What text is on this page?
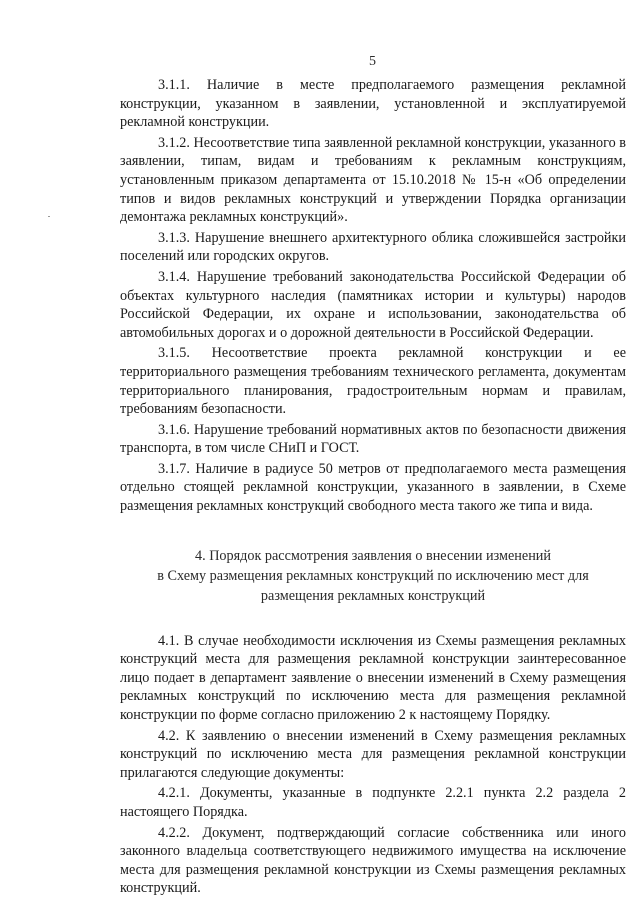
5

3.1.1. Наличие в месте предполагаемого размещения рекламной конструкции, указанном в заявлении, установленной и эксплуатируемой рекламной конструкции.

3.1.2. Несоответствие типа заявленной рекламной конструкции, указанного в заявлении, типам, видам и требованиям к рекламным конструкциям, установленным приказом департамента от 15.10.2018 № 15-н «Об определении типов и видов рекламных конструкций и утверждении Порядка организации демонтажа рекламных конструкций».

3.1.3. Нарушение внешнего архитектурного облика сложившейся застройки поселений или городских округов.

3.1.4. Нарушение требований законодательства Российской Федерации об объектах культурного наследия (памятниках истории и культуры) народов Российской Федерации, их охране и использовании, законодательства об автомобильных дорогах и о дорожной деятельности в Российской Федерации.

3.1.5. Несоответствие проекта рекламной конструкции и ее территориального размещения требованиям технического регламента, документам территориального планирования, градостроительным нормам и правилам, требованиям безопасности.

3.1.6. Нарушение требований нормативных актов по безопасности движения транспорта, в том числе СНиП и ГОСТ.

3.1.7. Наличие в радиусе 50 метров от предполагаемого места размещения отдельно стоящей рекламной конструкции, указанного в заявлении, в Схеме размещения рекламных конструкций свободного места такого же типа и вида.

4. Порядок рассмотрения заявления о внесении изменений
в Схему размещения рекламных конструкций по исключению мест для
размещения рекламных конструкций

4.1. В случае необходимости исключения из Схемы размещения рекламных конструкций места для размещения рекламной конструкции заинтересованное лицо подает в департамент заявление о внесении изменений в Схему размещения рекламных конструкций по исключению места для размещения рекламной конструкции по форме согласно приложению 2 к настоящему Порядку.

4.2. К заявлению о внесении изменений в Схему размещения рекламных конструкций по исключению места для размещения рекламной конструкции прилагаются следующие документы:

4.2.1. Документы, указанные в подпункте 2.2.1 пункта 2.2 раздела 2 настоящего Порядка.

4.2.2. Документ, подтверждающий согласие собственника или иного законного владельца соответствующего недвижимого имущества на исключение места для размещения рекламной конструкции из Схемы размещения рекламных конструкций.
